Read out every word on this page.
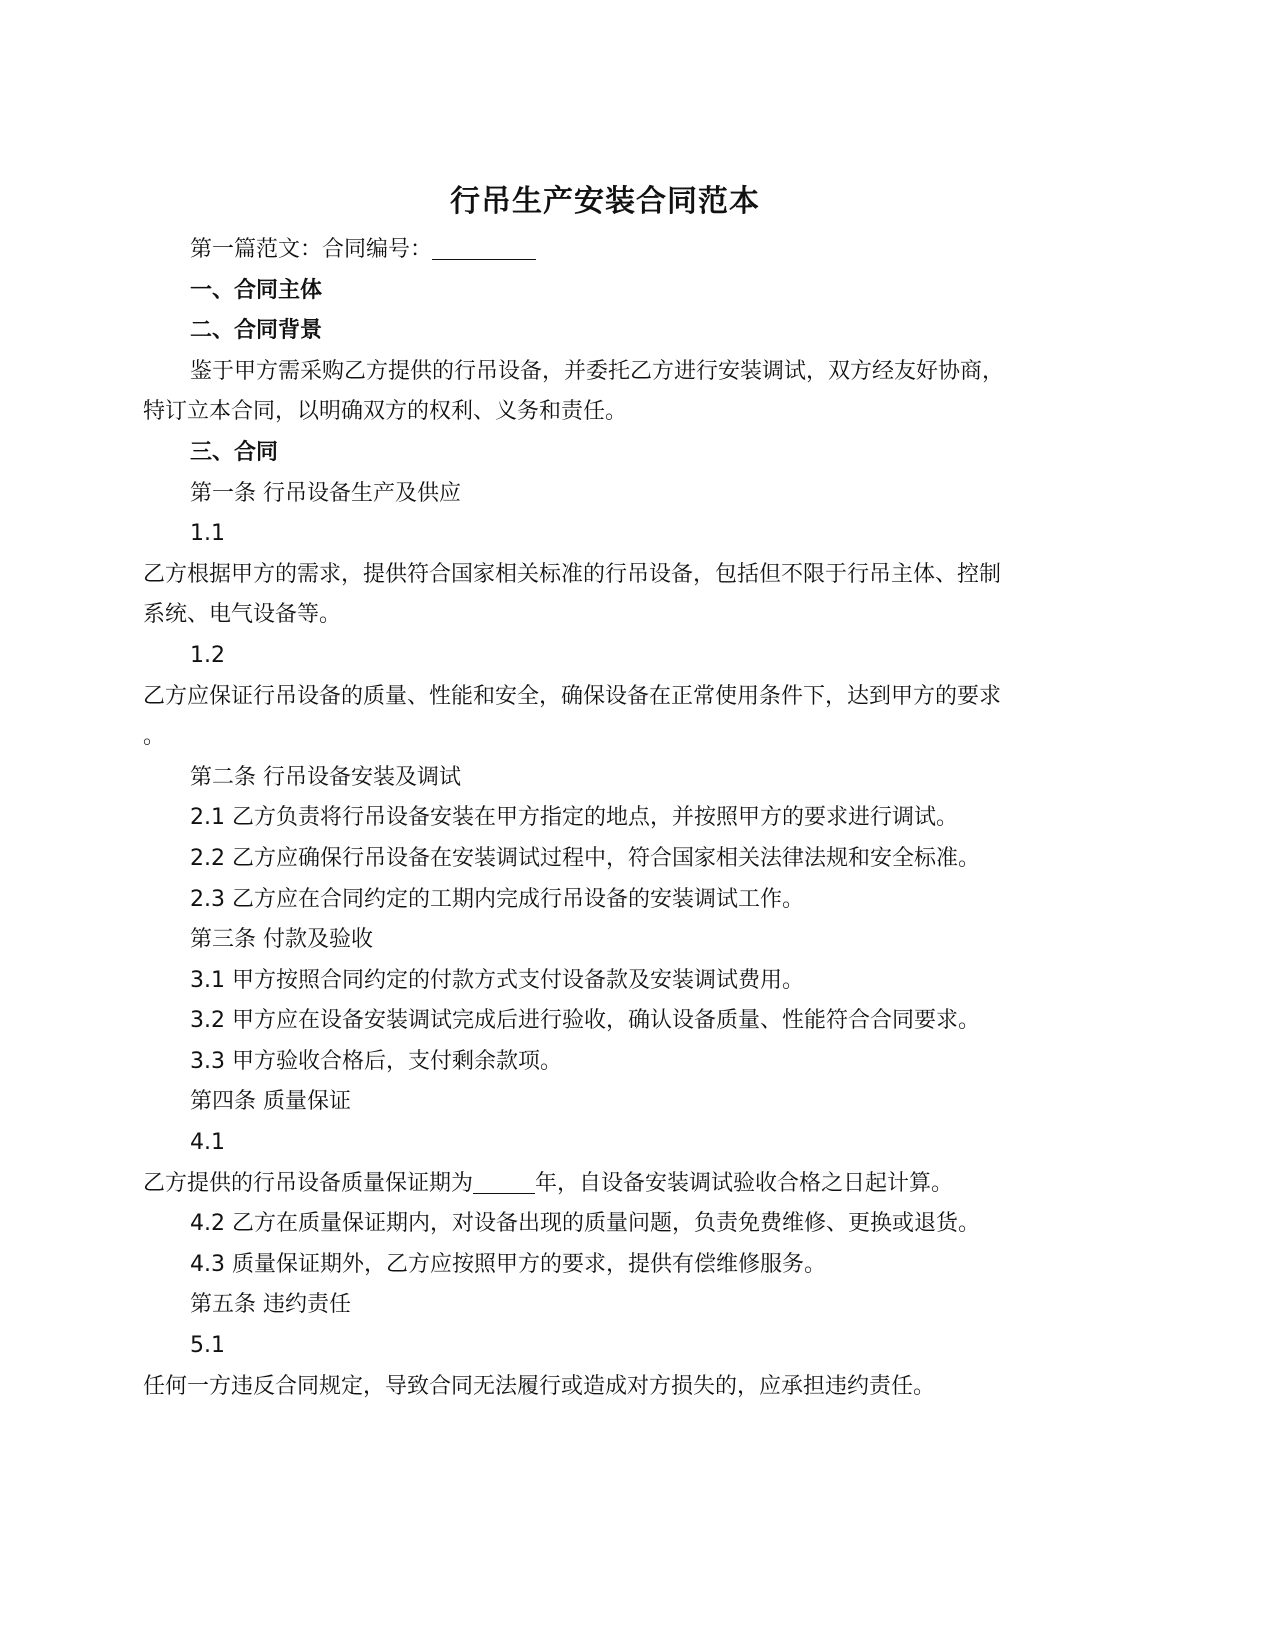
行吊生产安装合同范本
第一篇范文：合同编号：
一、合同主体
二、合同背景
鉴于甲方需采购乙方提供的行吊设备，并委托乙方进行安装调试，双方经友好协商，
特订立本合同，以明确双方的权利、义务和责任。
三、合同
第一条 行吊设备生产及供应
1.1
乙方根据甲方的需求，提供符合国家相关标准的行吊设备，包括但不限于行吊主体、控制
系统、电气设备等。
1.2
乙方应保证行吊设备的质量、性能和安全，确保设备在正常使用条件下，达到甲方的要求
。
第二条 行吊设备安装及调试
2.1 乙方负责将行吊设备安装在甲方指定的地点，并按照甲方的要求进行调试。
2.2 乙方应确保行吊设备在安装调试过程中，符合国家相关法律法规和安全标准。
2.3 乙方应在合同约定的工期内完成行吊设备的安装调试工作。
第三条 付款及验收
3.1 甲方按照合同约定的付款方式支付设备款及安装调试费用。
3.2 甲方应在设备安装调试完成后进行验收，确认设备质量、性能符合合同要求。
3.3 甲方验收合格后，支付剩余款项。
第四条 质量保证
4.1
乙方提供的行吊设备质量保证期为	年，自设备安装调试验收合格之日起计算。
4.2 乙方在质量保证期内，对设备出现的质量问题，负责免费维修、更换或退货。
4.3 质量保证期外，乙方应按照甲方的要求，提供有偿维修服务。
第五条 违约责任
5.1
任何一方违反合同规定，导致合同无法履行或造成对方损失的，应承担违约责任。
